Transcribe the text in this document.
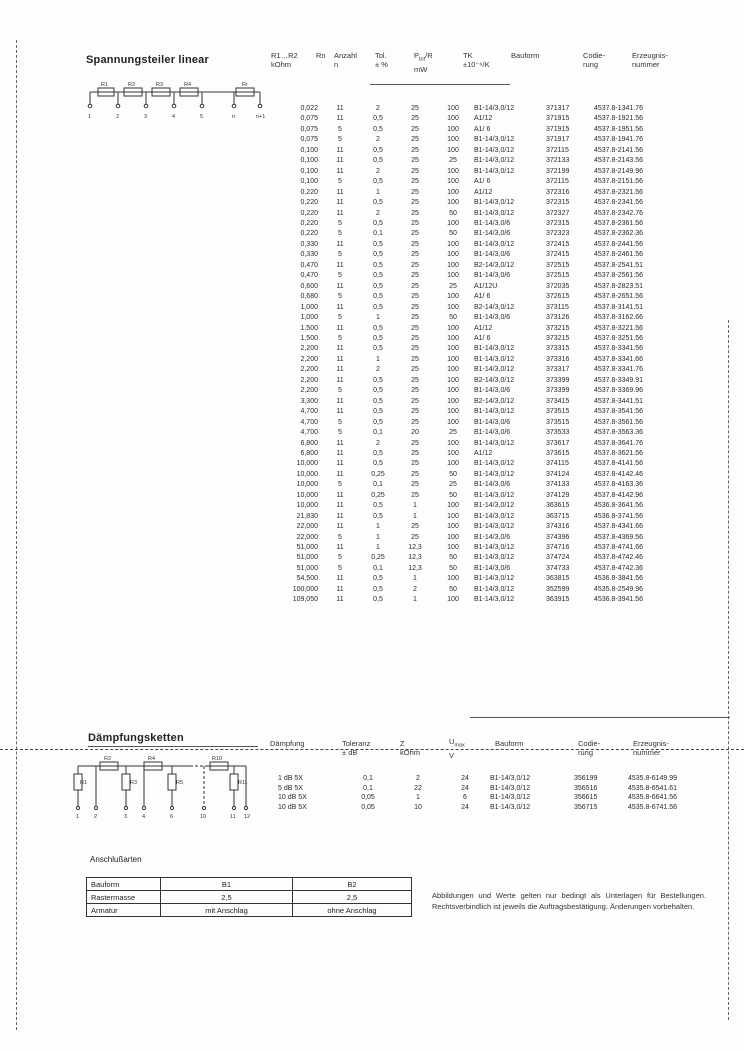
Spannungsteiler linear	R1…R2
kOhm
Rn Anzahl
n
Tol.
± %
$P_{tot}/R$
mW
TK
±10⁻⁶/K
Bauform	Codie-
rung
Erzeugnis-
nummer
R1	R2	R3	R4	Rr
1	2	3	4	5	n	n+1
0,022	11	2	25	100	B1-14/3,0/12	371317	4537.8-1341.76
0,075	11	0,5	25	100	A1/12	371915	4537.8-1921.56
0,075	5	0,5	25	100	A1/ 6	371915	4537.8-1951.56
0,075	5	2	25	100	B1-14/3,0/12	371917	4537.8-1941.76
0,100	11	0,5	25	100	B1-14/3,0/12	372115	4537.8-2141.56
0,100	11	0,5	25	25	B1-14/3,0/12	372133	4537.8-2143.56
0,100	11	2	25	100	B1-14/3,0/12	372199	4537.8-2149.96
0,100	5	0,5	25	100	A1/ 6	372115	4537.8-2151.56
0,220	11	1	25	100	A1/12	372316	4537.8-2321.56
0,220	11	0,5	25	100	B1-14/3,0/12	372315	4537.8-2341.56
0,220	11	2	25	50	B1-14/3,0/12	372327	4537.8-2342.76
0,220	5	0,5	25	100	B1-14/3,0/6	372315	4537.8-2361.56
0,220	5	0,1	25	50	B1-14/3,0/6	372323	4537.8-2362.36
0,330	11	0,5	25	100	B1-14/3,0/12	372415	4537.8-2441.56
0,330	5	0,5	25	100	B1-14/3,0/6	372415	4537.8-2461.56
0,470	11	0,5	25	100	B2-14/3,0/12	372515	4537.8-2541.51
0,470	5	0,5	25	100	B1-14/3,0/6	372515	4537.8-2561.56
0,600	11	0,5	25	25	A1/12U	372035	4537.8-2823.51
0,680	5	0,5	25	100	A1/ 6	372615	4537.8-2651.56
1,000	11	0,5	25	100	B2-14/3,0/12	373115	4537.8-3141.51
1,000	5	1	25	50	B1-14/3,0/6	373126	4537.8-3162.66
1,500	11	0,5	25	100	A1/12	373215	4537.8-3221.56
1,500	5	0,5	25	100	A1/ 6	373215	4537.8-3251.56
2,200	11	0,5	25	100	B1-14/3,0/12	373315	4537.8-3341.56
2,200	11	1	25	100	B1-14/3,0/12	373316	4537.8-3341.66
2,200	11	2	25	100	B1-14/3,0/12	373317	4537.8-3341.76
2,200	11	0,5	25	100	B2-14/3,0/12	373399	4537.8-3349.91
2,200	5	0,5	25	100	B1-14/3,0/6	373399	4537.8-3369.96
3,300	11	0,5	25	100	B2-14/3,0/12	373415	4537.8-3441.51
4,700	11	0,5	25	100	B1-14/3,0/12	373515	4537.8-3541.56
4,700	5	0,5	25	100	B1-14/3,0/6	373515	4537.8-3561.56
4,700	5	0,1	20	25	B1-14/3,0/6	373533	4537.8-3563.36
6,800	11	2	25	100	B1-14/3,0/12	373617	4537.8-3641.76
6,800	11	0,5	25	100	A1/12	373615	4537.8-3621.56
10,000	11	0,5	25	100	B1-14/3,0/12	374115	4537.8-4141.56
10,000	11	0,25	25	50	B1-14/3,0/12	374124	4537.8-4142.46
10,000	5	0,1	25	25	B1-14/3,0/6	374133	4537.8-4163.36
10,000	11	0,25	25	50	B1-14/3,0/12	374129	4537.8-4142.96
10,000	11	0,5	1	100	B1-14/3,0/12	363615	4536.8-3641.56
21,830	11	0,5	1	100	B1-14/3,0/12	363715	4536.8-3741.56
22,000	11	1	25	100	B1-14/3,0/12	374316	4537.8-4341.66
22,000	5	1	25	100	B1-14/3,0/6	374396	4537.8-4369.56
51,000	11	1	12,3	100	B1-14/3,0/12	374716	4537.8-4741.66
51,000	5	0,25	12,3	50	B1-14/3,0/12	374724	4537.8-4742.46
51,000	5	0,1	12,3	50	B1-14/3,0/6	374733	4537.8-4742.36
54,500	11	0,5	1	100	B1-14/3,0/12	363815	4536.8-3841.56
100,000	11	0,5	2	50	B1-14/3,0/12	352599	4535.8-2549.96
109,050	11	0,5	1	100	B1-14/3,0/12	363915	4536.8-3941.56
Dämpfungsketten	Dämpfung	Toleranz
± dB
Z
kOhm
$U_{max}$
V
Bauform	Codie-
rung
Erzeugnis-
nummer
R1
R2
R3
R4
R5
R10
R11
1	2	3	4	6	10	11 12
1 dB 5X	0,1	2	24	B1-14/3,0/12	356199	4535.8-6149.99
5 dB 5X	0,1	22	24	B1-14/3,0/12	356516	4535.8-6541.61
10 dB 5X	0,05	1	6	B1-14/3,0/12	356615	4535.8-6641.56
10 dB 5X	0,05	10	24	B1-14/3,0/12	356715	4535.8-6741.56
Anschlußarten
Bauform	B1	B2
Rastermasse	2,5	2,5
Armatur	mit Anschlag	ohne Anschlag
Abbildungen und Werte gelten nur bedingt als Unterlagen für Bestellungen. Rechtsverbindlich ist jeweils die Auftragsbestätigung. Änderungen vorbehalten.
